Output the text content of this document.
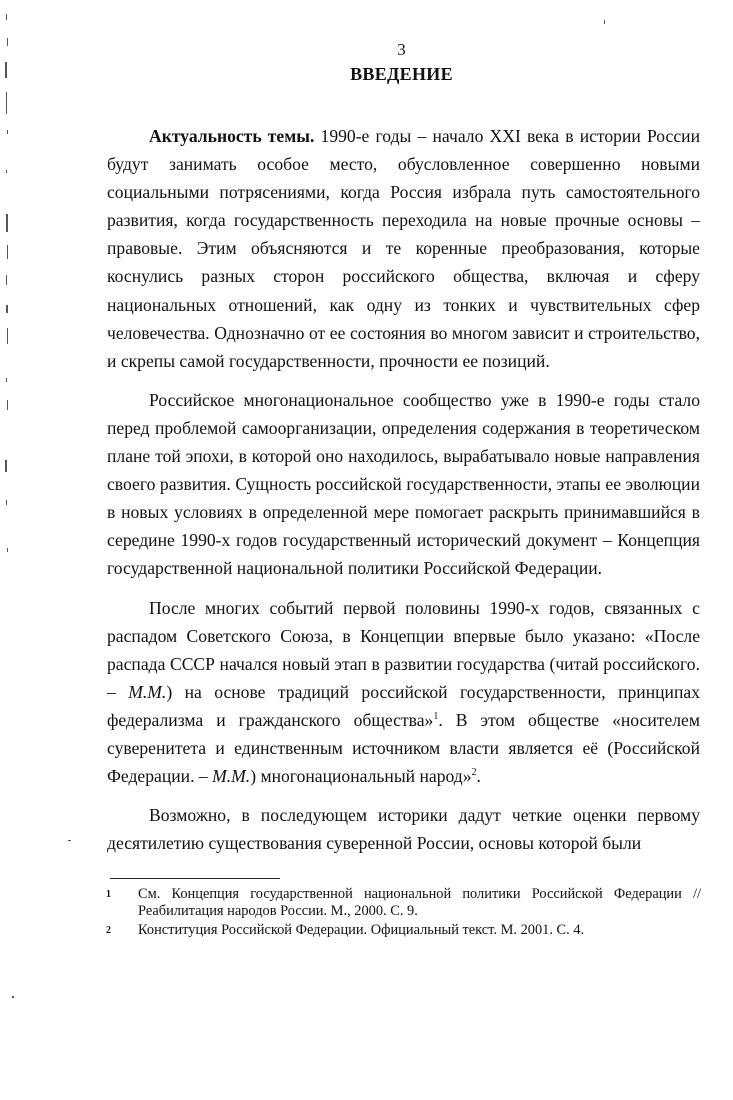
3
ВВЕДЕНИЕ

Актуальность темы. 1990-е годы – начало XXI века в истории России будут занимать особое место, обусловленное совершенно новыми социальными потрясениями, когда Россия избрала путь самостоятельного развития, когда государственность переходила на новые прочные основы – правовые. Этим объясняются и те коренные преобразования, которые коснулись разных сторон российского общества, включая и сферу национальных отношений, как одну из тонких и чувствительных сфер человечества. Однозначно от ее состояния во многом зависит и строительство, и скрепы самой государственности, прочности ее позиций.

Российское многонациональное сообщество уже в 1990-е годы стало перед проблемой самоорганизации, определения содержания в теоретическом плане той эпохи, в которой оно находилось, вырабатывало новые направления своего развития. Сущность российской государственности, этапы ее эволюции в новых условиях в определенной мере помогает раскрыть принимавшийся в середине 1990-х годов государственный исторический документ – Концепция государственной национальной политики Российской Федерации.

После многих событий первой половины 1990-х годов, связанных с распадом Советского Союза, в Концепции впервые было указано: «После распада СССР начался новый этап в развитии государства (читай российского. – М.М.) на основе традиций российской государственности, принципах федерализма и гражданского общества»$^1$. В этом обществе «носителем суверенитета и единственным источником власти является её (Российской Федерации. – М.М.) многонациональный народ»$^2$.

Возможно, в последующем историки дадут четкие оценки первому десятилетию существования суверенной России, основы которой были

1	См. Концепция государственной национальной политики Российской Федерации // Реабилитация народов России. М., 2000. С. 9.
2	Конституция Российской Федерации. Официальный текст. М. 2001. С. 4.
